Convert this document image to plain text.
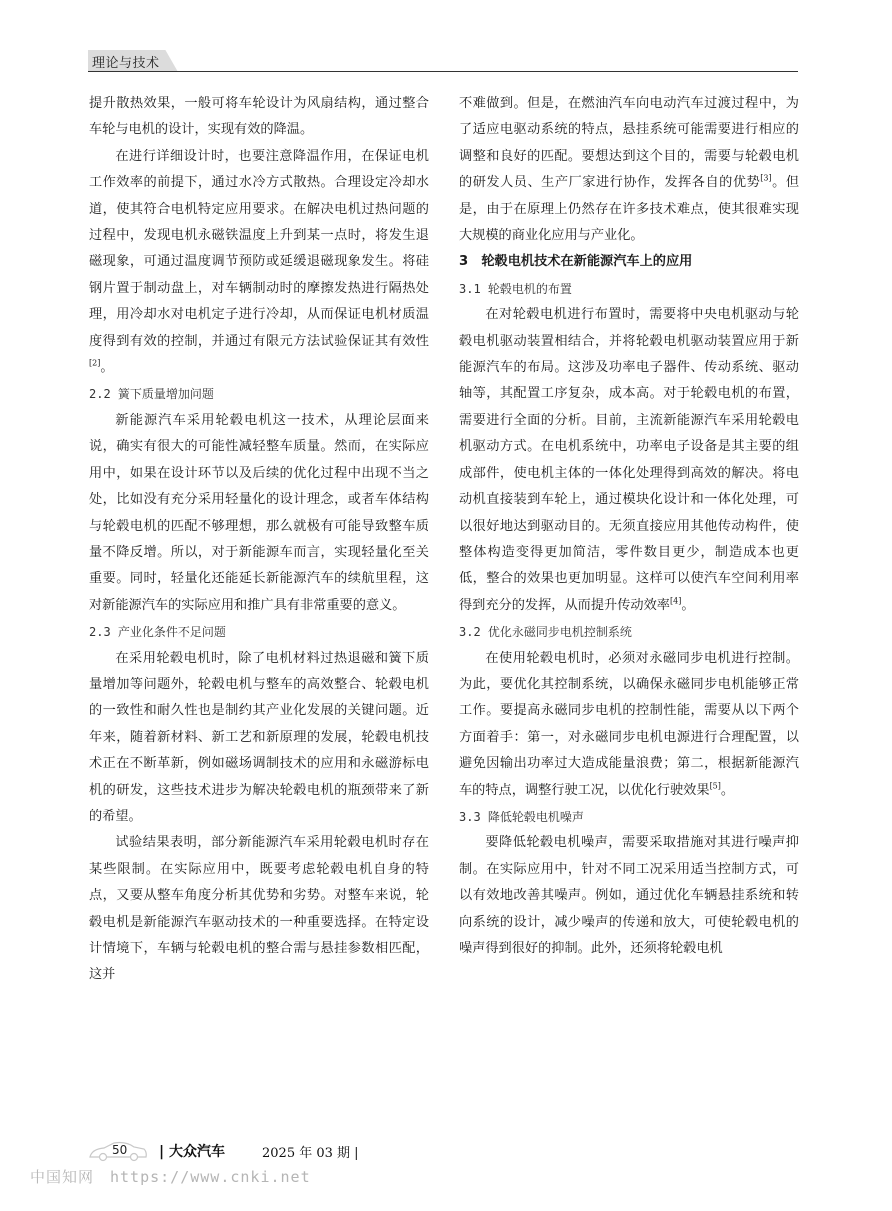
理论与技术

提升散热效果，一般可将车轮设计为风扇结构，通过整合车轮与电机的设计，实现有效的降温。

在进行详细设计时，也要注意降温作用，在保证电机工作效率的前提下，通过水冷方式散热。合理设定冷却水道，使其符合电机特定应用要求。在解决电机过热问题的过程中，发现电机永磁铁温度上升到某一点时，将发生退磁现象，可通过温度调节预防或延缓退磁现象发生。将硅钢片置于制动盘上，对车辆制动时的摩擦发热进行隔热处理，用冷却水对电机定子进行冷却，从而保证电机材质温度得到有效的控制，并通过有限元方法试验保证其有效性[2]。

2.2 簧下质量增加问题

新能源汽车采用轮毂电机这一技术，从理论层面来说，确实有很大的可能性减轻整车质量。然而，在实际应用中，如果在设计环节以及后续的优化过程中出现不当之处，比如没有充分采用轻量化的设计理念，或者车体结构与轮毂电机的匹配不够理想，那么就极有可能导致整车质量不降反增。所以，对于新能源车而言，实现轻量化至关重要。同时，轻量化还能延长新能源汽车的续航里程，这对新能源汽车的实际应用和推广具有非常重要的意义。

2.3 产业化条件不足问题

在采用轮毂电机时，除了电机材料过热退磁和簧下质量增加等问题外，轮毂电机与整车的高效整合、轮毂电机的一致性和耐久性也是制约其产业化发展的关键问题。近年来，随着新材料、新工艺和新原理的发展，轮毂电机技术正在不断革新，例如磁场调制技术的应用和永磁游标电机的研发，这些技术进步为解决轮毂电机的瓶颈带来了新的希望。

试验结果表明，部分新能源汽车采用轮毂电机时存在某些限制。在实际应用中，既要考虑轮毂电机自身的特点，又要从整车角度分析其优势和劣势。对整车来说，轮毂电机是新能源汽车驱动技术的一种重要选择。在特定设计情境下，车辆与轮毂电机的整合需与悬挂参数相匹配，这并

不难做到。但是，在燃油汽车向电动汽车过渡过程中，为了适应电驱动系统的特点，悬挂系统可能需要进行相应的调整和良好的匹配。要想达到这个目的，需要与轮毂电机的研发人员、生产厂家进行协作，发挥各自的优势[3]。但是，由于在原理上仍然存在许多技术难点，使其很难实现大规模的商业化应用与产业化。

3　轮毂电机技术在新能源汽车上的应用
3.1 轮毂电机的布置

在对轮毂电机进行布置时，需要将中央电机驱动与轮毂电机驱动装置相结合，并将轮毂电机驱动装置应用于新能源汽车的布局。这涉及功率电子器件、传动系统、驱动轴等，其配置工序复杂，成本高。对于轮毂电机的布置，需要进行全面的分析。目前，主流新能源汽车采用轮毂电机驱动方式。在电机系统中，功率电子设备是其主要的组成部件，使电机主体的一体化处理得到高效的解决。将电动机直接装到车轮上，通过模块化设计和一体化处理，可以很好地达到驱动目的。无须直接应用其他传动构件，使整体构造变得更加简洁，零件数目更少，制造成本也更低，整合的效果也更加明显。这样可以使汽车空间利用率得到充分的发挥，从而提升传动效率[4]。

3.2 优化永磁同步电机控制系统

在使用轮毂电机时，必须对永磁同步电机进行控制。为此，要优化其控制系统，以确保永磁同步电机能够正常工作。要提高永磁同步电机的控制性能，需要从以下两个方面着手：第一，对永磁同步电机电源进行合理配置，以避免因输出功率过大造成能量浪费；第二，根据新能源汽车的特点，调整行驶工况，以优化行驶效果[5]。

3.3 降低轮毂电机噪声

要降低轮毂电机噪声，需要采取措施对其进行噪声抑制。在实际应用中，针对不同工况采用适当控制方式，可以有效地改善其噪声。例如，通过优化车辆悬挂系统和转向系统的设计，减少噪声的传递和放大，可使轮毂电机的噪声得到很好的抑制。此外，还须将轮毂电机

50 | 大众汽车	2025 年 03 期 |
中国知网　https://www.cnki.net
